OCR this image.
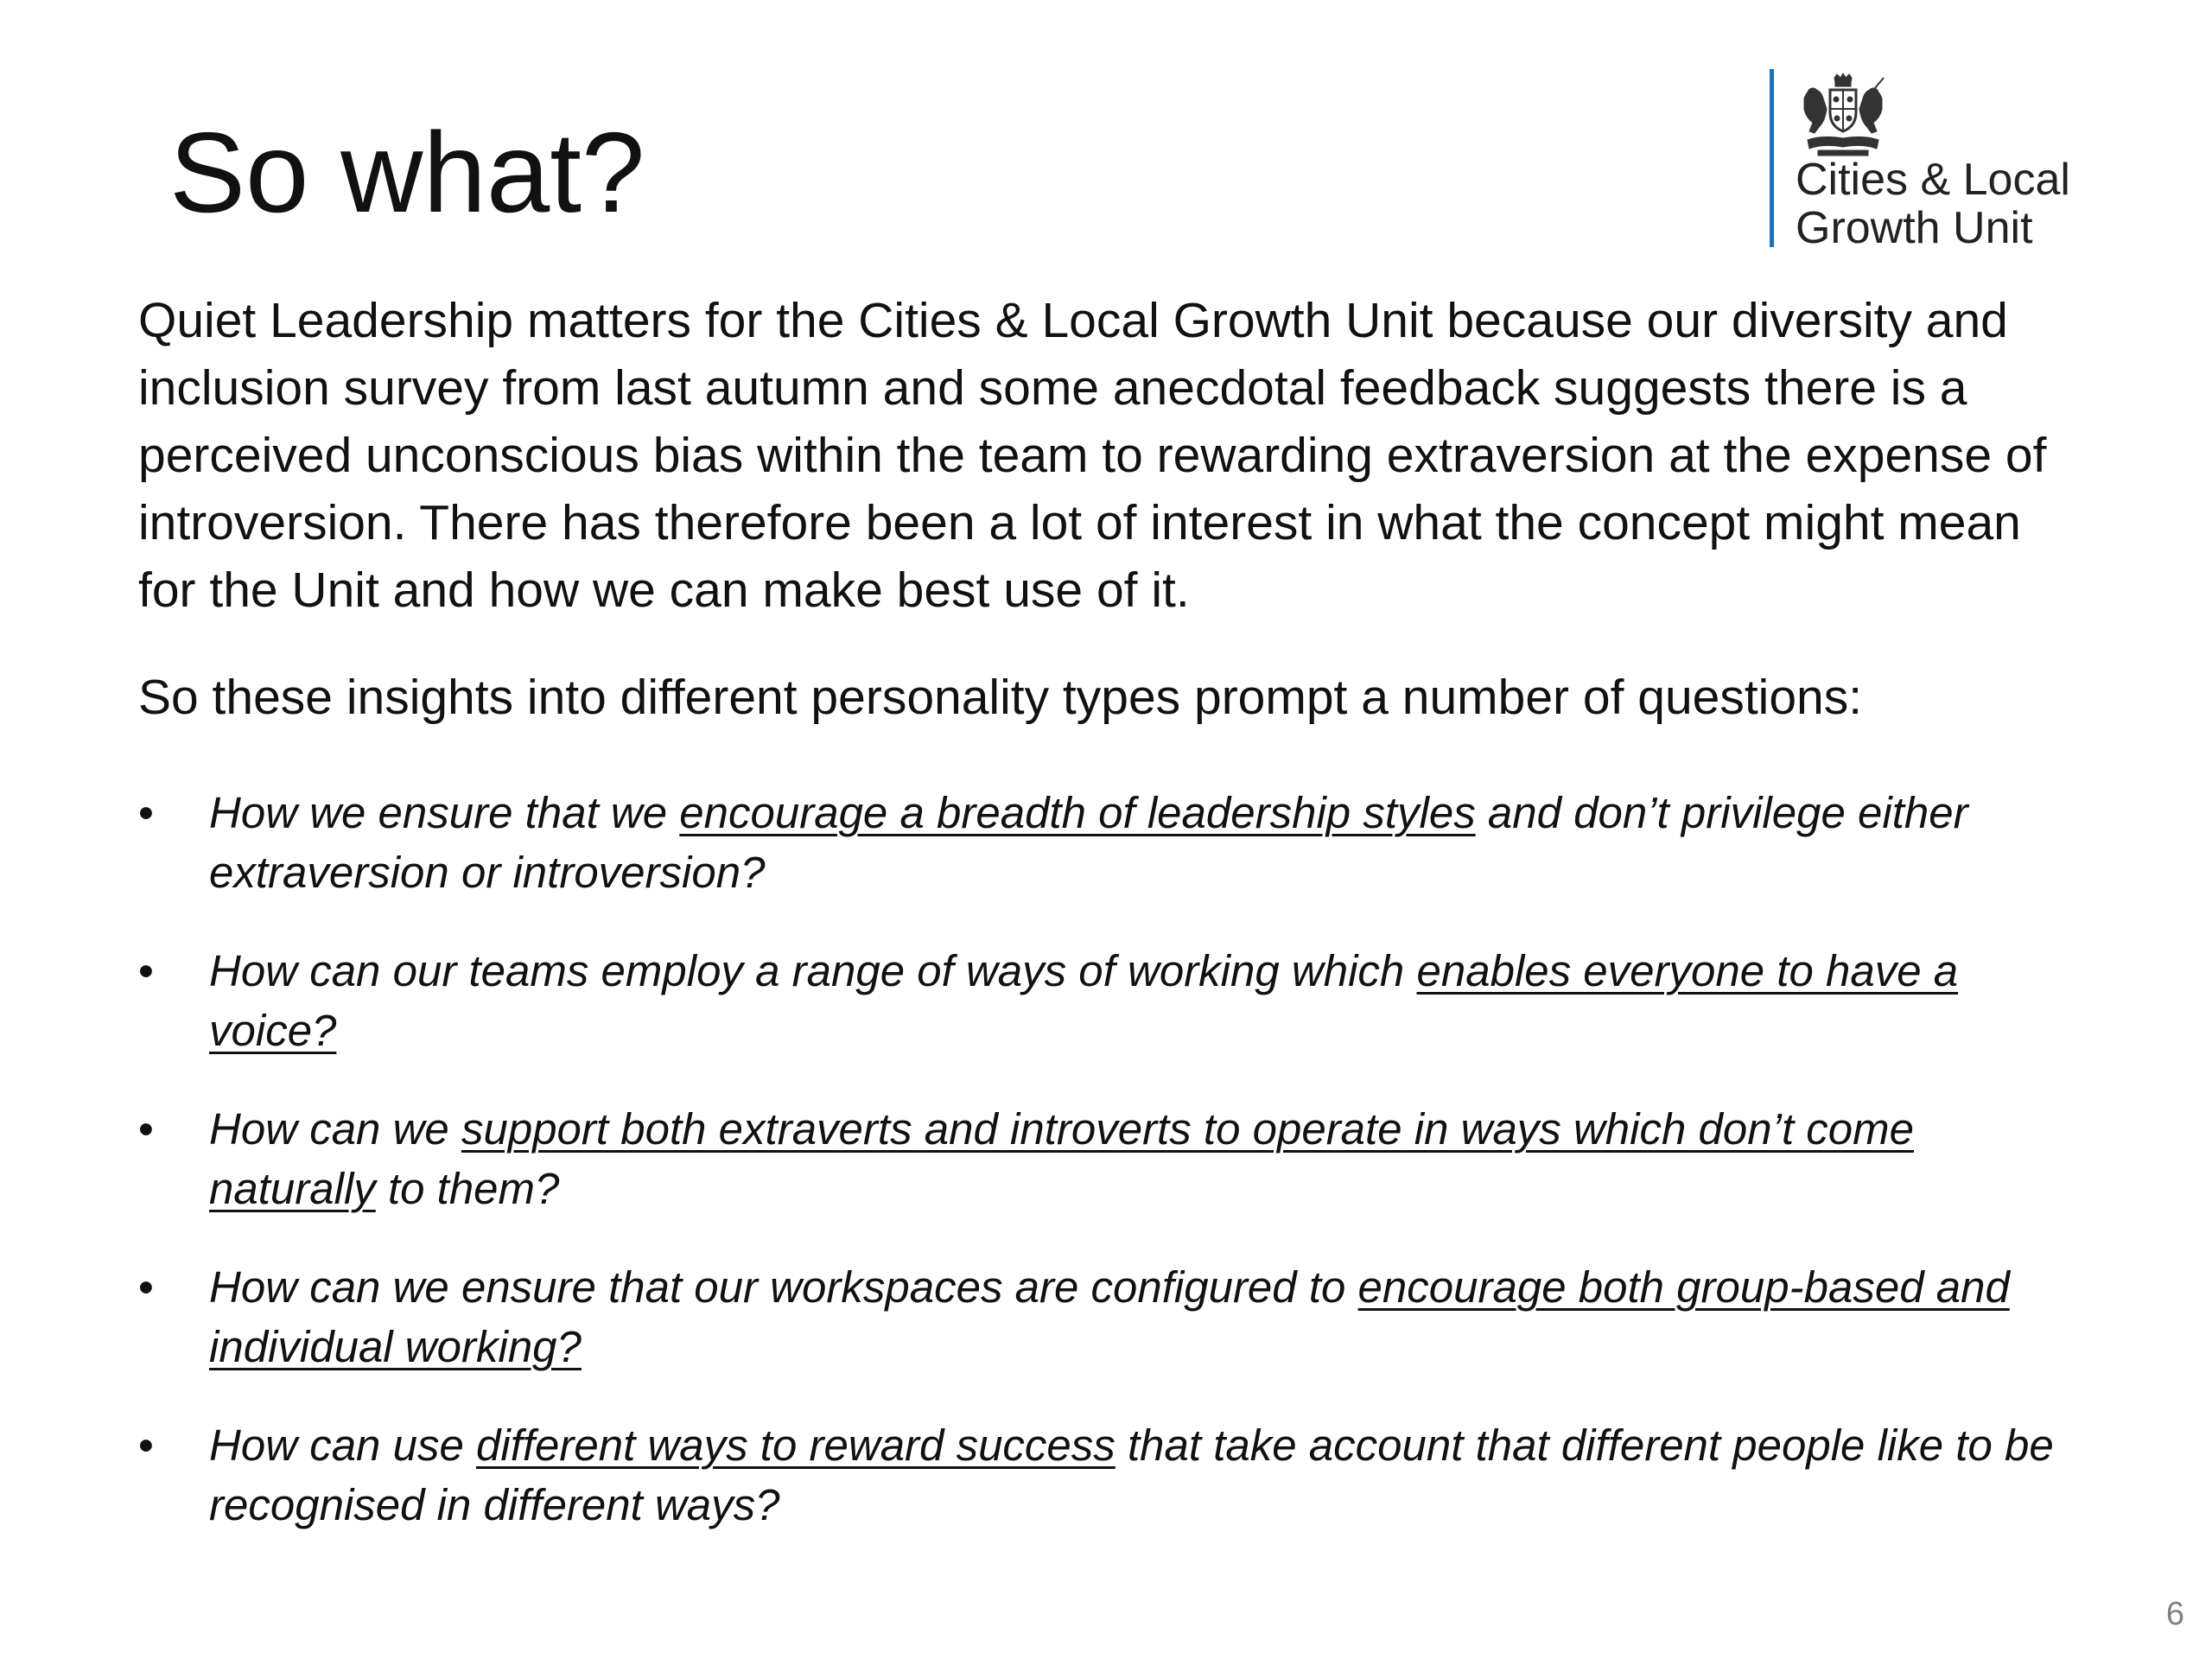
So what?	Cities & Local
Growth Unit

Quiet Leadership matters for the Cities & Local Growth Unit because our diversity and inclusion survey from last autumn and some anecdotal feedback suggests there is a perceived unconscious bias within the team to rewarding extraversion at the expense of introversion. There has therefore been a lot of interest in what the concept might mean for the Unit and how we can make best use of it.

So these insights into different personality types prompt a number of questions:

•	How we ensure that we encourage a breadth of leadership styles and don’t privilege either extraversion or introversion?
•	How can our teams employ a range of ways of working which enables everyone to have a voice?
•	How can we support both extraverts and introverts to operate in ways which don’t come naturally to them?
•	How can we ensure that our workspaces are configured to encourage both group-based and individual working?
•	How can use different ways to reward success that take account that different people like to be recognised in different ways?
6
